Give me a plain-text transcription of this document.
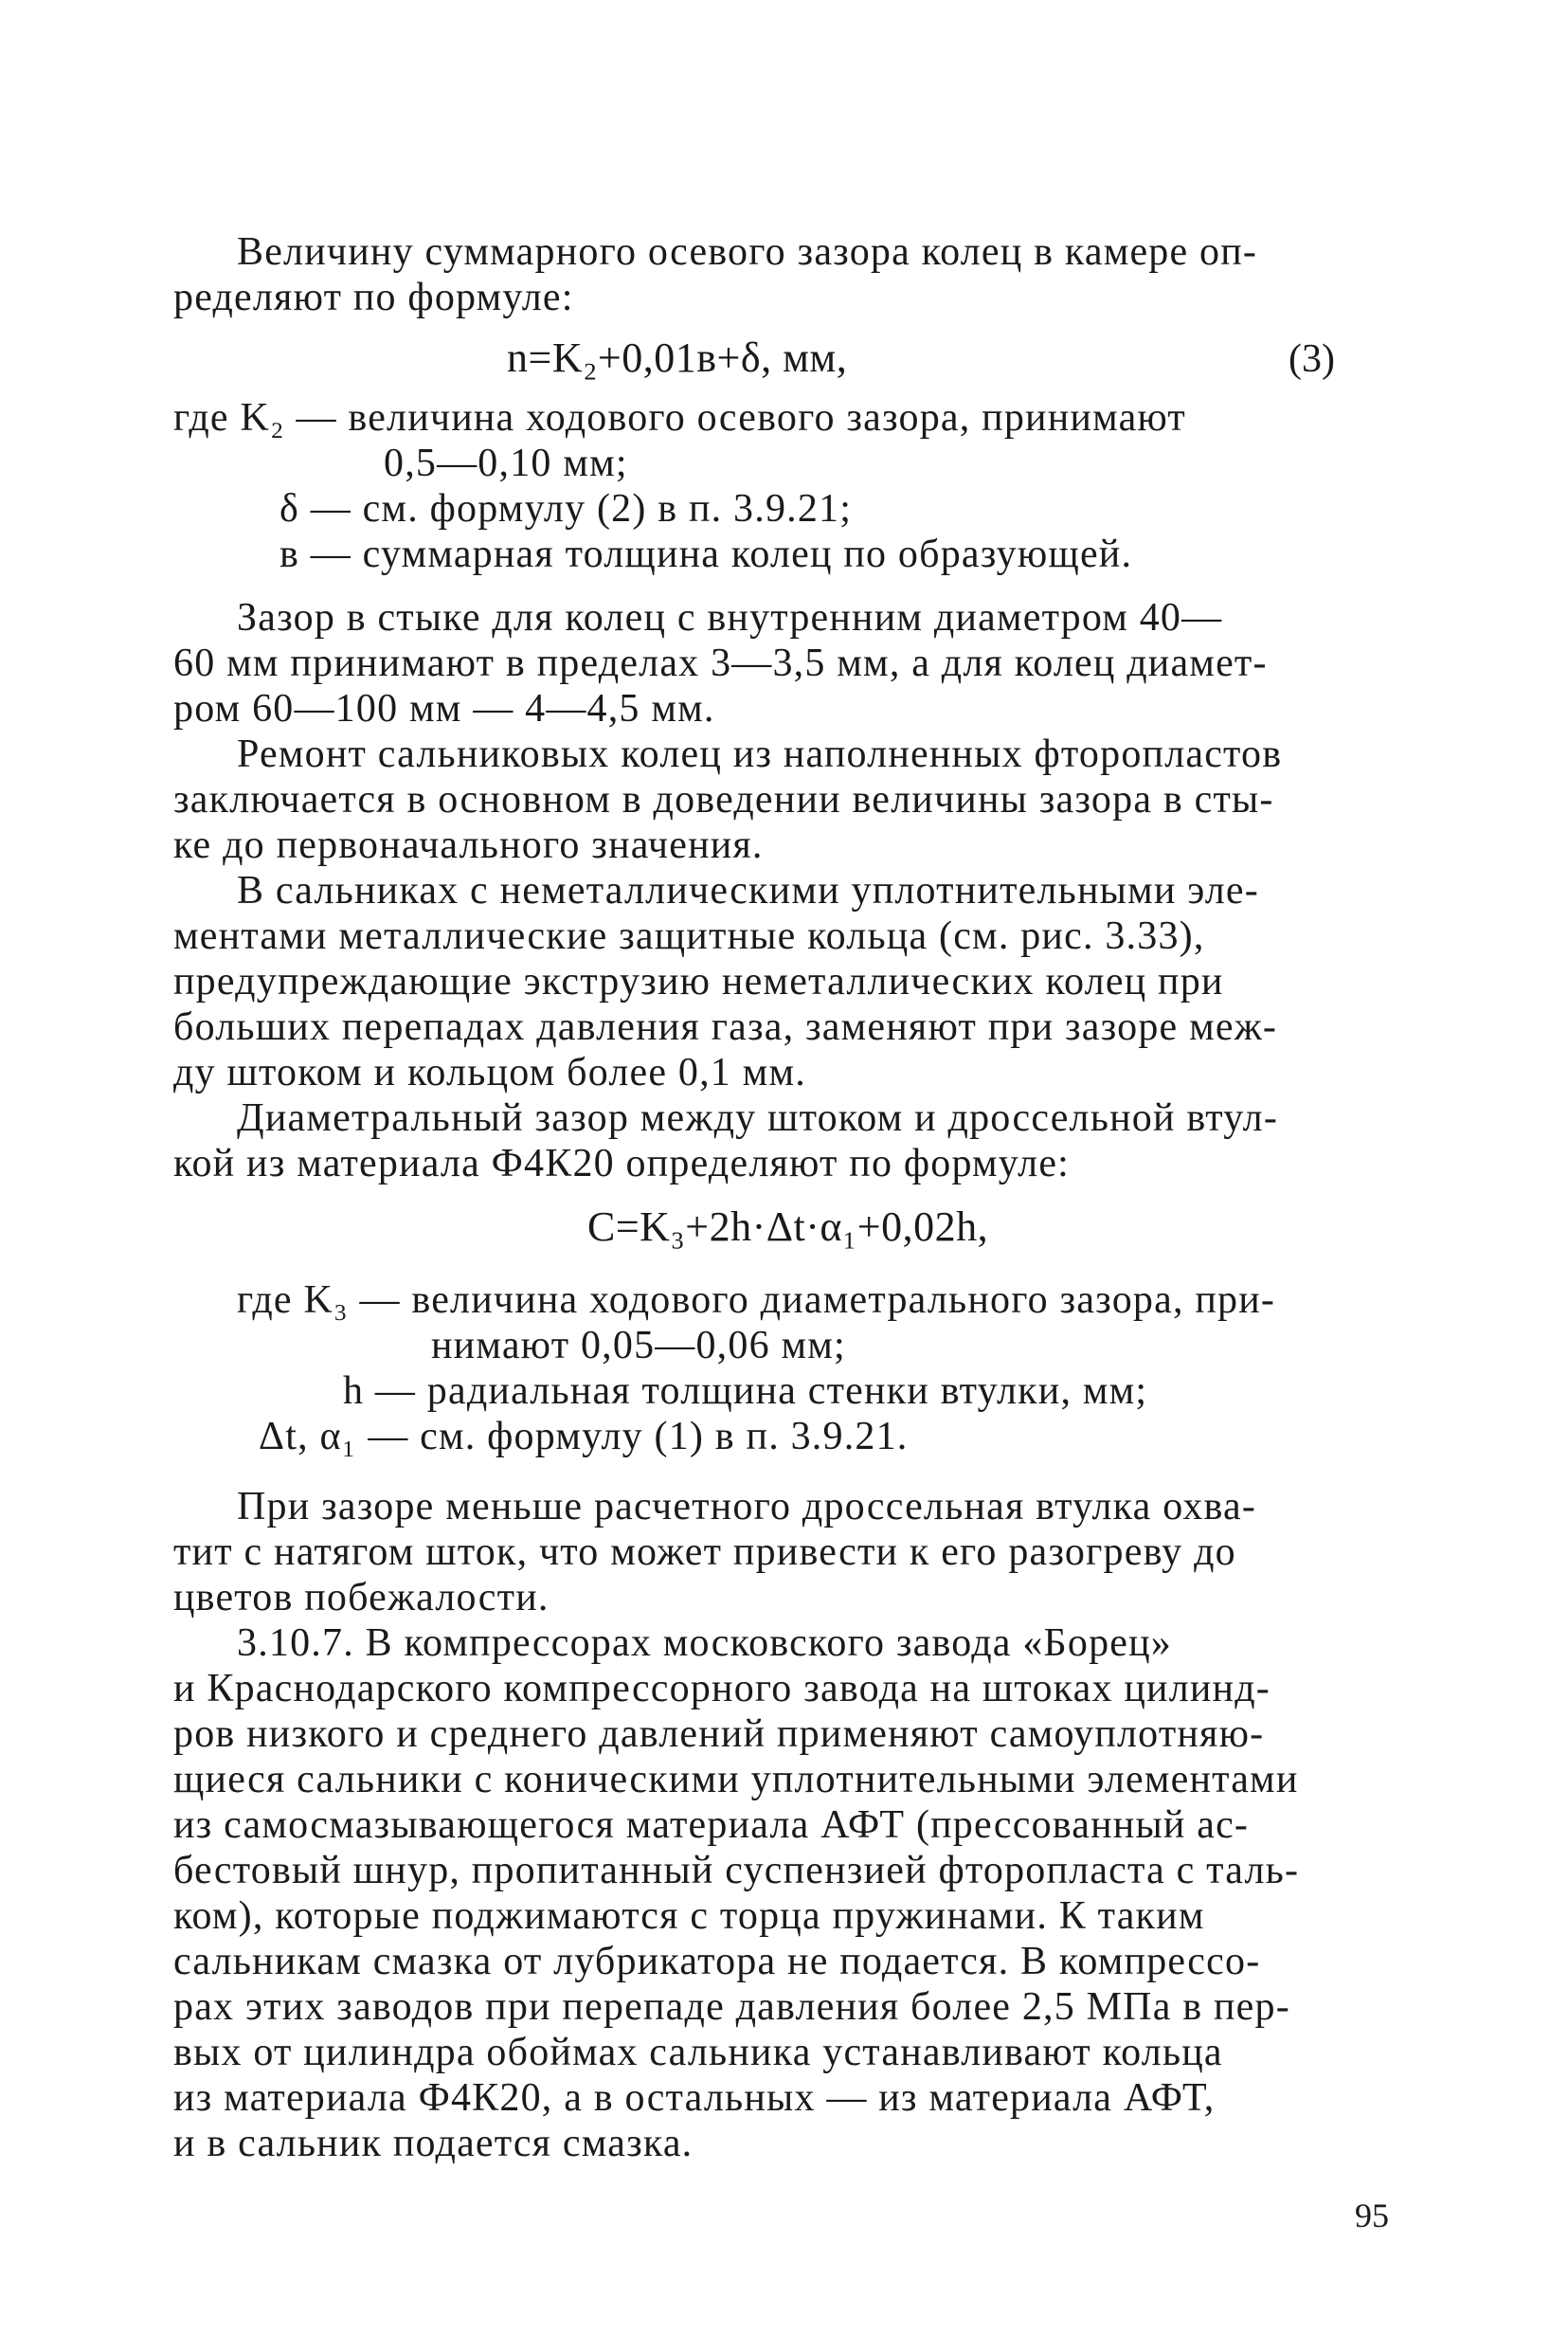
Величину суммарного осевого зазора колец в камере оп-
ределяют по формуле:
n=K₂+0,01в+δ, мм,	(3)
где K₂ — величина ходового осевого зазора, принимают
0,5—0,10 мм;
δ — см. формулу (2) в п. 3.9.21;
в — суммарная толщина колец по образующей.
Зазор в стыке для колец с внутренним диаметром 40—
60 мм принимают в пределах 3—3,5 мм, а для колец диамет-
ром 60—100 мм — 4—4,5 мм.
Ремонт сальниковых колец из наполненных фторопластов
заключается в основном в доведении величины зазора в сты-
ке до первоначального значения.
В сальниках с неметаллическими уплотнительными эле-
ментами металлические защитные кольца (см. рис. 3.33),
предупреждающие экструзию неметаллических колец при
больших перепадах давления газа, заменяют при зазоре меж-
ду штоком и кольцом более 0,1 мм.
Диаметральный зазор между штоком и дроссельной втул-
кой из материала Ф4К20 определяют по формуле:
C=K₃+2h·Δt·α₁+0,02h,
где K₃ — величина ходового диаметрального зазора, при-
нимают 0,05—0,06 мм;
h — радиальная толщина стенки втулки, мм;
Δt, α₁ — см. формулу (1) в п. 3.9.21.
При зазоре меньше расчетного дроссельная втулка охва-
тит с натягом шток, что может привести к его разогреву до
цветов побежалости.
3.10.7. В компрессорах московского завода «Борец»
и Краснодарского компрессорного завода на штоках цилинд-
ров низкого и среднего давлений применяют самоуплотняю-
щиеся сальники с коническими уплотнительными элементами
из самосмазывающегося материала АФТ (прессованный ас-
бестовый шнур, пропитанный суспензией фторопласта с таль-
ком), которые поджимаются с торца пружинами. К таким
сальникам смазка от лубрикатора не подается. В компрессо-
рах этих заводов при перепаде давления более 2,5 МПа в пер-
вых от цилиндра обоймах сальника устанавливают кольца
из материала Ф4К20, а в остальных — из материала АФТ,
и в сальник подается смазка.
95
